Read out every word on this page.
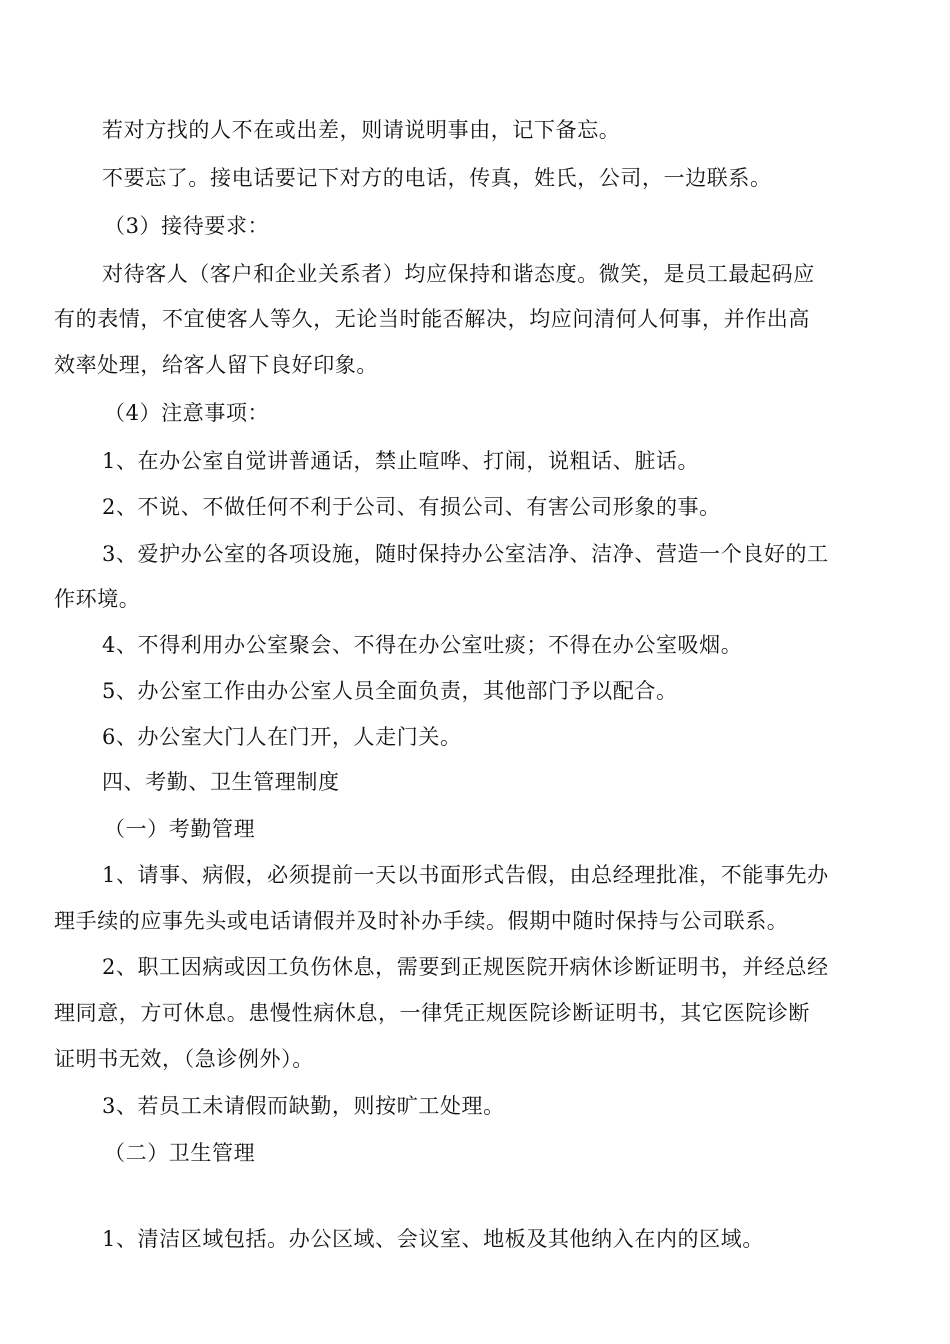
若对方找的人不在或出差，则请说明事由，记下备忘。
不要忘了。接电话要记下对方的电话，传真，姓氏，公司，一边联系。
（3）接待要求：
对待客人（客户和企业关系者）均应保持和谐态度。微笑，是员工最起码应
有的表情，不宜使客人等久，无论当时能否解决，均应问清何人何事，并作出高
效率处理，给客人留下良好印象。
（4）注意事项：
1、在办公室自觉讲普通话，禁止喧哗、打闹，说粗话、脏话。
2、不说、不做任何不利于公司、有损公司、有害公司形象的事。
3、爱护办公室的各项设施，随时保持办公室洁净、洁净、营造一个良好的工
作环境。
4、不得利用办公室聚会、不得在办公室吐痰；不得在办公室吸烟。
5、办公室工作由办公室人员全面负责，其他部门予以配合。
6、办公室大门人在门开，人走门关。
四、考勤、卫生管理制度
（一）考勤管理
1、请事、病假，必须提前一天以书面形式告假，由总经理批准，不能事先办
理手续的应事先头或电话请假并及时补办手续。假期中随时保持与公司联系。
2、职工因病或因工负伤休息，需要到正规医院开病休诊断证明书，并经总经
理同意，方可休息。患慢性病休息，一律凭正规医院诊断证明书，其它医院诊断
证明书无效，（急诊例外）。
3、若员工未请假而缺勤，则按旷工处理。
（二）卫生管理
1、清洁区域包括。办公区域、会议室、地板及其他纳入在内的区域。
